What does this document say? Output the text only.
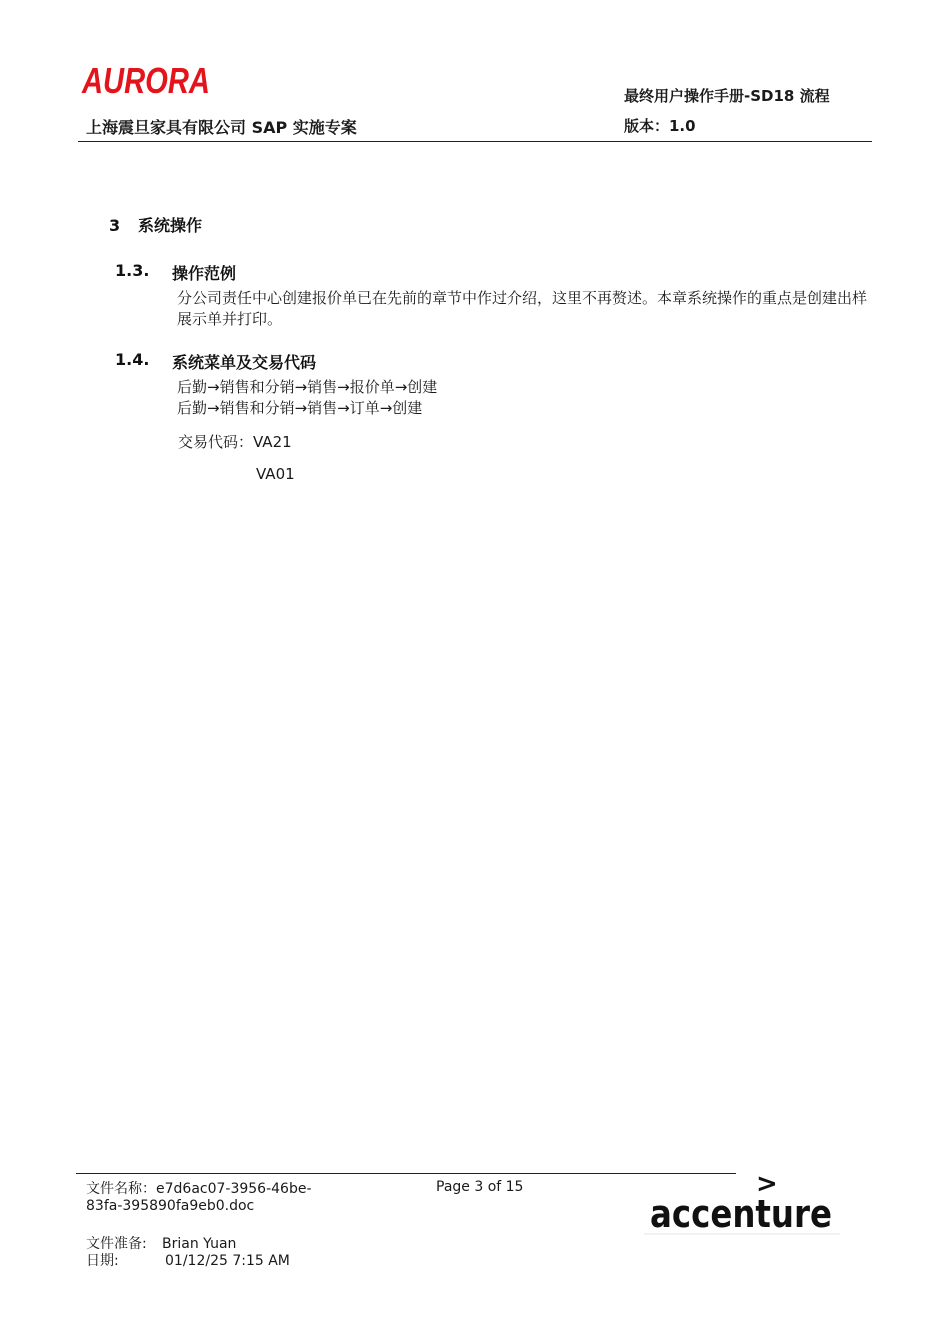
AURORA
上海震旦家具有限公司 SAP 实施专案
最终用户操作手册-SD18 流程
版本：1.0
3 系统操作
1.3. 操作范例
分公司责任中心创建报价单已在先前的章节中作过介绍，这里不再赘述。本章系统操作的重点是创建出样展示单并打印。
1.4. 系统菜单及交易代码
后勤→销售和分销→销售→报价单→创建
后勤→销售和分销→销售→订单→创建
交易代码：VA21
VA01
文件名称：e7d6ac07-3956-46be-
83fa-395890fa9eb0.doc
Page 3 of 15
文件准备: Brian Yuan
日期:	01/12/25 7:15 AM
>
accenture
